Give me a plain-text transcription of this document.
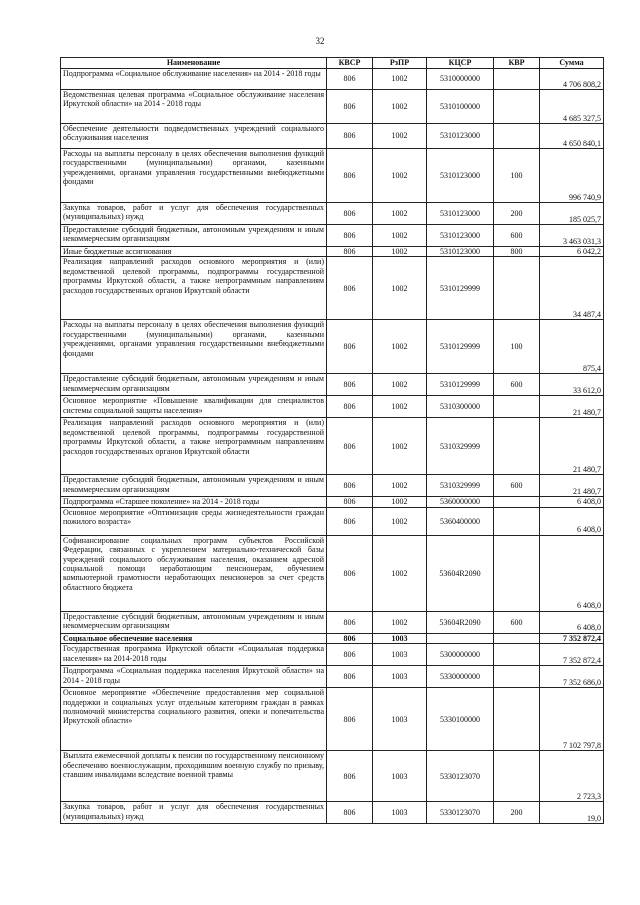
32
Наименование	КВСР	РзПР	КЦСР	КВР	Сумма
Подпрограмма «Социальное обслуживание населения» на 2014 - 2018 годы	806	1002	5310000000		4 706 808,2
Ведомственная целевая программа «Социальное обслуживание населения Иркутской области» на 2014 - 2018 годы	806	1002	5310100000		4 685 327,5
Обеспечение деятельности подведомственных учреждений социального обслуживания населения	806	1002	5310123000		4 650 840,1
Расходы на выплаты персоналу в целях обеспечения выполнения функций государственными (муниципальными) органами, казенными учреждениями, органами управления государственными внебюджетными фондами	806	1002	5310123000	100	996 740,9
Закупка товаров, работ и услуг для обеспечения государственных (муниципальных) нужд	806	1002	5310123000	200	185 025,7
Предоставление субсидий бюджетным, автономным учреждениям и иным некоммерческим организациям	806	1002	5310123000	600	3 463 031,3
Иные бюджетные ассигнования	806	1002	5310123000	800	6 042,2
Реализация направлений расходов основного мероприятия и (или) ведомственной целевой программы, подпрограммы государственной программы Иркутской области, а также непрограммным направлениям расходов государственных органов Иркутской области	806	1002	5310129999		34 487,4
Расходы на выплаты персоналу в целях обеспечения выполнения функций государственными (муниципальными) органами, казенными учреждениями, органами управления государственными внебюджетными фондами	806	1002	5310129999	100	875,4
Предоставление субсидий бюджетным, автономным учреждениям и иным некоммерческим организациям	806	1002	5310129999	600	33 612,0
Основное мероприятие «Повышение квалификации для специалистов системы социальной защиты населения»	806	1002	5310300000		21 480,7
Реализация направлений расходов основного мероприятия и (или) ведомственной целевой программы, подпрограммы государственной программы Иркутской области, а также непрограммным направлениям расходов государственных органов Иркутской области	806	1002	5310329999		21 480,7
Предоставление субсидий бюджетным, автономным учреждениям и иным некоммерческим организациям	806	1002	5310329999	600	21 480,7
Подпрограмма «Старшее поколение» на 2014 - 2018 годы	806	1002	5360000000		6 408,0
Основное мероприятие «Оптимизация среды жизнедеятельности граждан пожилого возраста»	806	1002	5360400000		6 408,0
Софинансирование социальных программ субъектов Российской Федерации, связанных с укреплением материально-технической базы учреждений социального обслуживания населения, оказанием адресной социальной помощи неработающим пенсионерам, обучением компьютерной грамотности неработающих пенсионеров за счет средств областного бюджета	806	1002	53604R2090		6 408,0
Предоставление субсидий бюджетным, автономным учреждениям и иным некоммерческим организациям	806	1002	53604R2090	600	6 408,0
Социальное обеспечение населения	806	1003			7 352 872,4
Государственная программа Иркутской области «Социальная поддержка населения» на 2014-2018 годы	806	1003	5300000000		7 352 872,4
Подпрограмма «Социальная поддержка населения Иркутской области» на 2014 - 2018 годы	806	1003	5330000000		7 352 686,0
Основное мероприятие «Обеспечение предоставления мер социальной поддержки и социальных услуг отдельным категориям граждан в рамках полномочий министерства социального развития, опеки и попечительства Иркутской области»	806	1003	5330100000		7 102 797,8
Выплата ежемесячной доплаты к пенсии по государственному пенсионному обеспечению военнослужащим, проходившим военную службу по призыву, ставшим инвалидами вследствие военной травмы	806	1003	5330123070		2 723,3
Закупка товаров, работ и услуг для обеспечения государственных (муниципальных) нужд	806	1003	5330123070	200	19,0
